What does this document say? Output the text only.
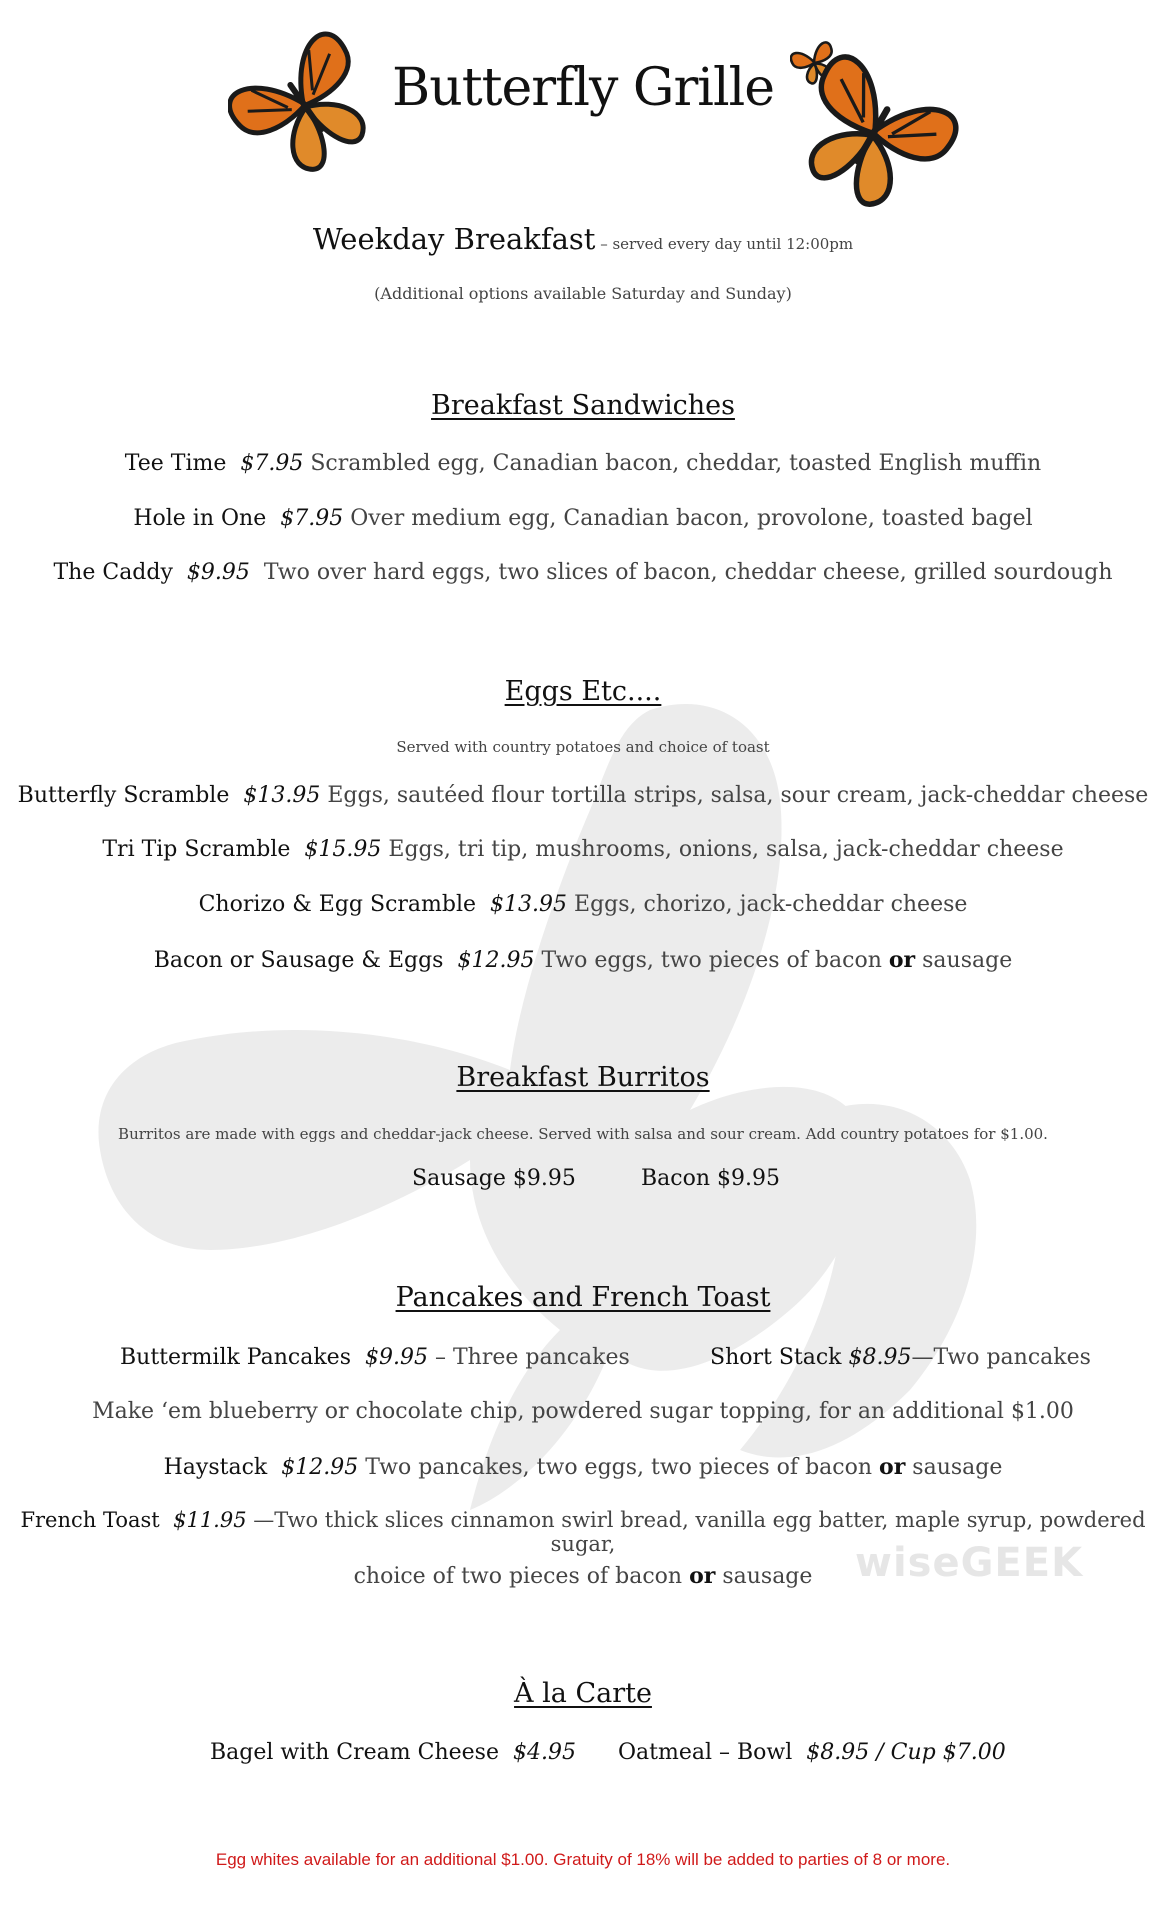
wiseGEEK
Butterfly Grille
Weekday Breakfast – served every day until 12:00pm
(Additional options available Saturday and Sunday)
Breakfast Sandwiches
Tee Time $7.95 Scrambled egg, Canadian bacon, cheddar, toasted English muffin
Hole in One $7.95 Over medium egg, Canadian bacon, provolone, toasted bagel
The Caddy $9.95 Two over hard eggs, two slices of bacon, cheddar cheese, grilled sourdough
Eggs Etc....
Served with country potatoes and choice of toast
Butterfly Scramble $13.95 Eggs, sautéed flour tortilla strips, salsa, sour cream, jack-cheddar cheese
Tri Tip Scramble $15.95 Eggs, tri tip, mushrooms, onions, salsa, jack-cheddar cheese
Chorizo & Egg Scramble $13.95 Eggs, chorizo, jack-cheddar cheese
Bacon or Sausage & Eggs $12.95 Two eggs, two pieces of bacon or sausage
Breakfast Burritos
Burritos are made with eggs and cheddar-jack cheese. Served with salsa and sour cream. Add country potatoes for $1.00.
Sausage $9.95	Bacon $9.95
Pancakes and French Toast
Buttermilk Pancakes $9.95 – Three pancakes	Short Stack $8.95—Two pancakes
Make ‘em blueberry or chocolate chip, powdered sugar topping, for an additional $1.00
Haystack $12.95 Two pancakes, two eggs, two pieces of bacon or sausage
French Toast $11.95 —Two thick slices cinnamon swirl bread, vanilla egg batter, maple syrup, powdered sugar,
choice of two pieces of bacon or sausage
À la Carte
Bagel with Cream Cheese $4.95 Oatmeal – Bowl $8.95 / Cup $7.00
Egg whites available for an additional $1.00. Gratuity of 18% will be added to parties of 8 or more.
